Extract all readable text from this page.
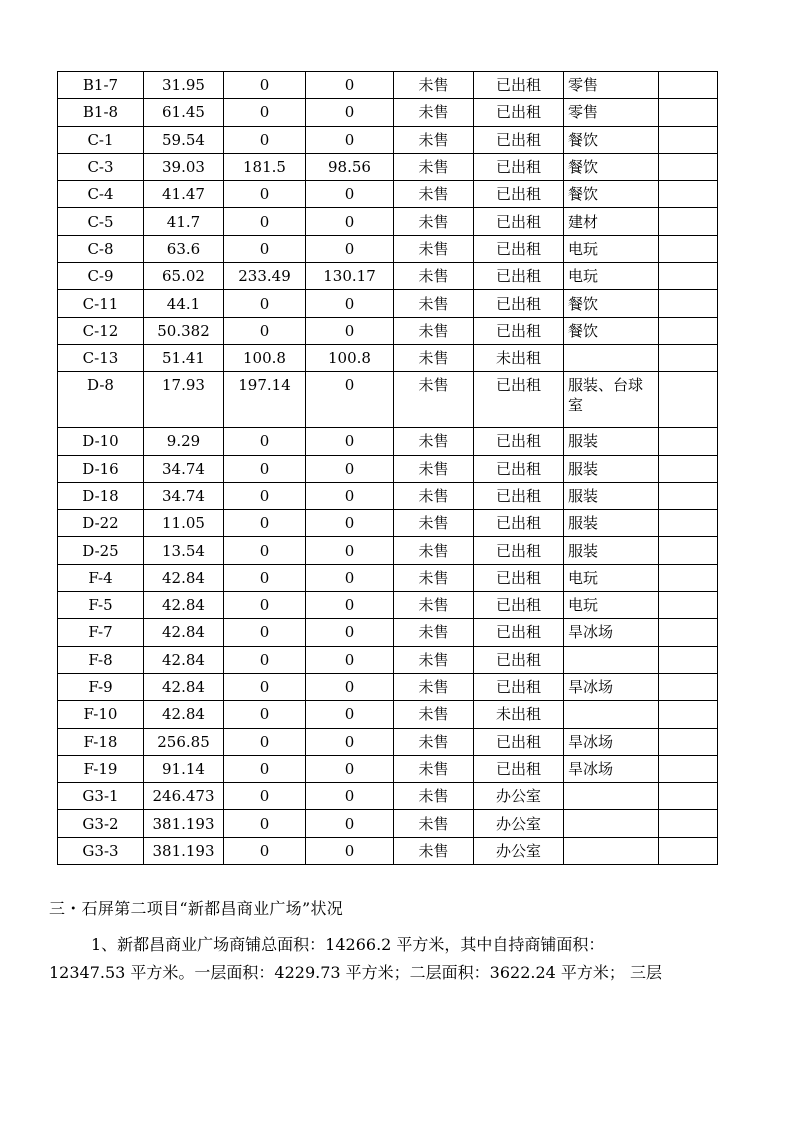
B1-7	31.95	0	0	未售	已出租	零售	
B1-8	61.45	0	0	未售	已出租	零售	
C-1	59.54	0	0	未售	已出租	餐饮	
C-3	39.03	181.5	98.56	未售	已出租	餐饮	
C-4	41.47	0	0	未售	已出租	餐饮	
C-5	41.7	0	0	未售	已出租	建材	
C-8	63.6	0	0	未售	已出租	电玩	
C-9	65.02	233.49	130.17	未售	已出租	电玩	
C-11	44.1	0	0	未售	已出租	餐饮	
C-12	50.382	0	0	未售	已出租	餐饮	
C-13	51.41	100.8	100.8	未售	未出租		
D-8	17.93	197.14	0	未售	已出租	服装、台球室	
D-10	9.29	0	0	未售	已出租	服装	
D-16	34.74	0	0	未售	已出租	服装	
D-18	34.74	0	0	未售	已出租	服装	
D-22	11.05	0	0	未售	已出租	服装	
D-25	13.54	0	0	未售	已出租	服装	
F-4	42.84	0	0	未售	已出租	电玩	
F-5	42.84	0	0	未售	已出租	电玩	
F-7	42.84	0	0	未售	已出租	旱冰场	
F-8	42.84	0	0	未售	已出租		
F-9	42.84	0	0	未售	已出租	旱冰场	
F-10	42.84	0	0	未售	未出租		
F-18	256.85	0	0	未售	已出租	旱冰场	
F-19	91.14	0	0	未售	已出租	旱冰场	
G3-1	246.473	0	0	未售	办公室		
G3-2	381.193	0	0	未售	办公室		
G3-3	381.193	0	0	未售	办公室		
三・石屏第二项目“新都昌商业广场”状况
1、新都昌商业广场商铺总面积：14266.2 平方米，其中自持商铺面积：
12347.53 平方米。一层面积：4229.73 平方米；二层面积：3622.24 平方米； 三层
